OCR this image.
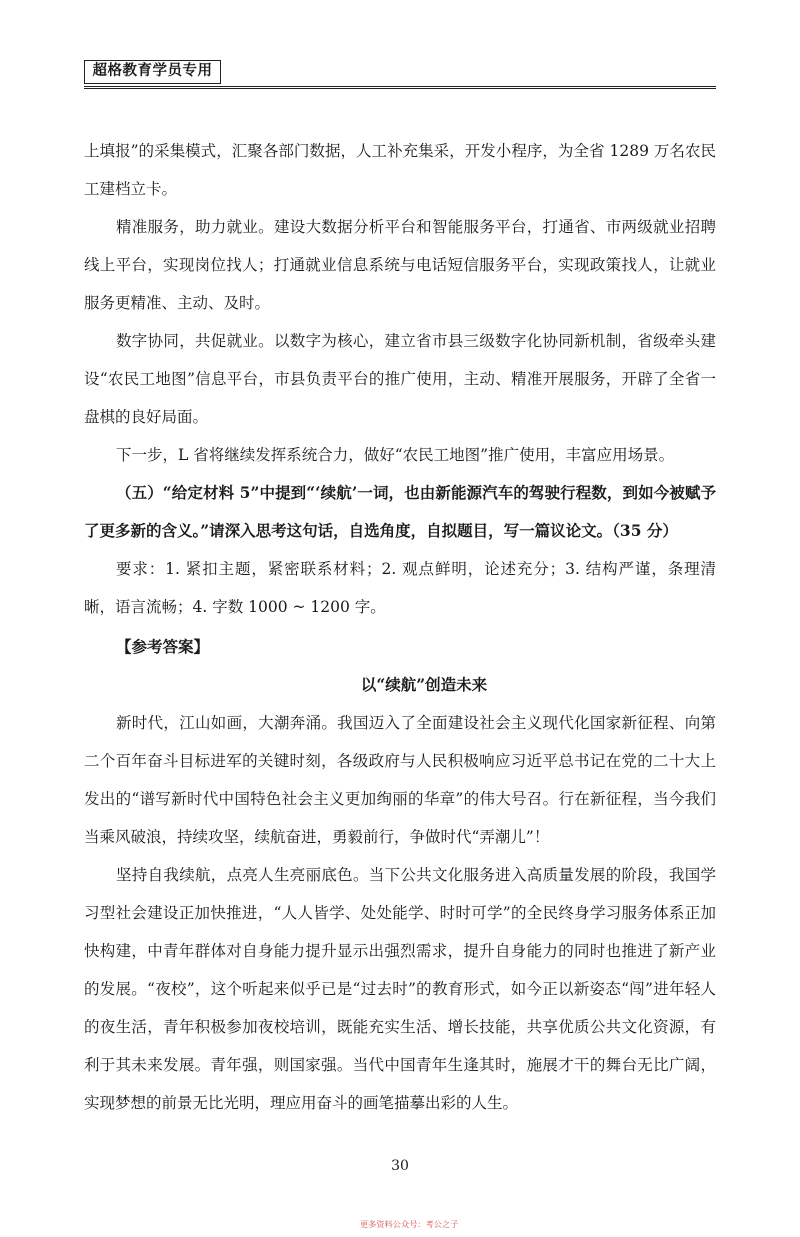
超格教育学员专用

上填报”的采集模式，汇聚各部门数据，人工补充集采，开发小程序，为全省 1289 万名农民工建档立卡。

精准服务，助力就业。建设大数据分析平台和智能服务平台，打通省、市两级就业招聘线上平台，实现岗位找人；打通就业信息系统与电话短信服务平台，实现政策找人，让就业服务更精准、主动、及时。

数字协同，共促就业。以数字为核心，建立省市县三级数字化协同新机制，省级牵头建设“农民工地图”信息平台，市县负责平台的推广使用，主动、精准开展服务，开辟了全省一盘棋的良好局面。

下一步，L 省将继续发挥系统合力，做好“农民工地图”推广使用，丰富应用场景。

（五）“给定材料 5”中提到“‘续航’一词，也由新能源汽车的驾驶行程数，到如今被赋予了更多新的含义。”请深入思考这句话，自选角度，自拟题目，写一篇议论文。（35 分）

要求：1. 紧扣主题，紧密联系材料；2. 观点鲜明，论述充分；3. 结构严谨，条理清晰，语言流畅；4. 字数 1000 ~ 1200 字。

【参考答案】

以“续航”创造未来

新时代，江山如画，大潮奔涌。我国迈入了全面建设社会主义现代化国家新征程、向第二个百年奋斗目标进军的关键时刻，各级政府与人民积极响应习近平总书记在党的二十大上发出的“谱写新时代中国特色社会主义更加绚丽的华章”的伟大号召。行在新征程，当今我们当乘风破浪，持续攻坚，续航奋进，勇毅前行，争做时代“弄潮儿”！

坚持自我续航，点亮人生亮丽底色。当下公共文化服务进入高质量发展的阶段，我国学习型社会建设正加快推进，“人人皆学、处处能学、时时可学”的全民终身学习服务体系正加快构建，中青年群体对自身能力提升显示出强烈需求，提升自身能力的同时也推进了新产业的发展。“夜校”，这个听起来似乎已是“过去时”的教育形式，如今正以新姿态“闯”进年轻人的夜生活，青年积极参加夜校培训，既能充实生活、增长技能，共享优质公共文化资源，有利于其未来发展。青年强，则国家强。当代中国青年生逢其时，施展才干的舞台无比广阔，实现梦想的前景无比光明，理应用奋斗的画笔描摹出彩的人生。

30
更多资料公众号：考公之子
